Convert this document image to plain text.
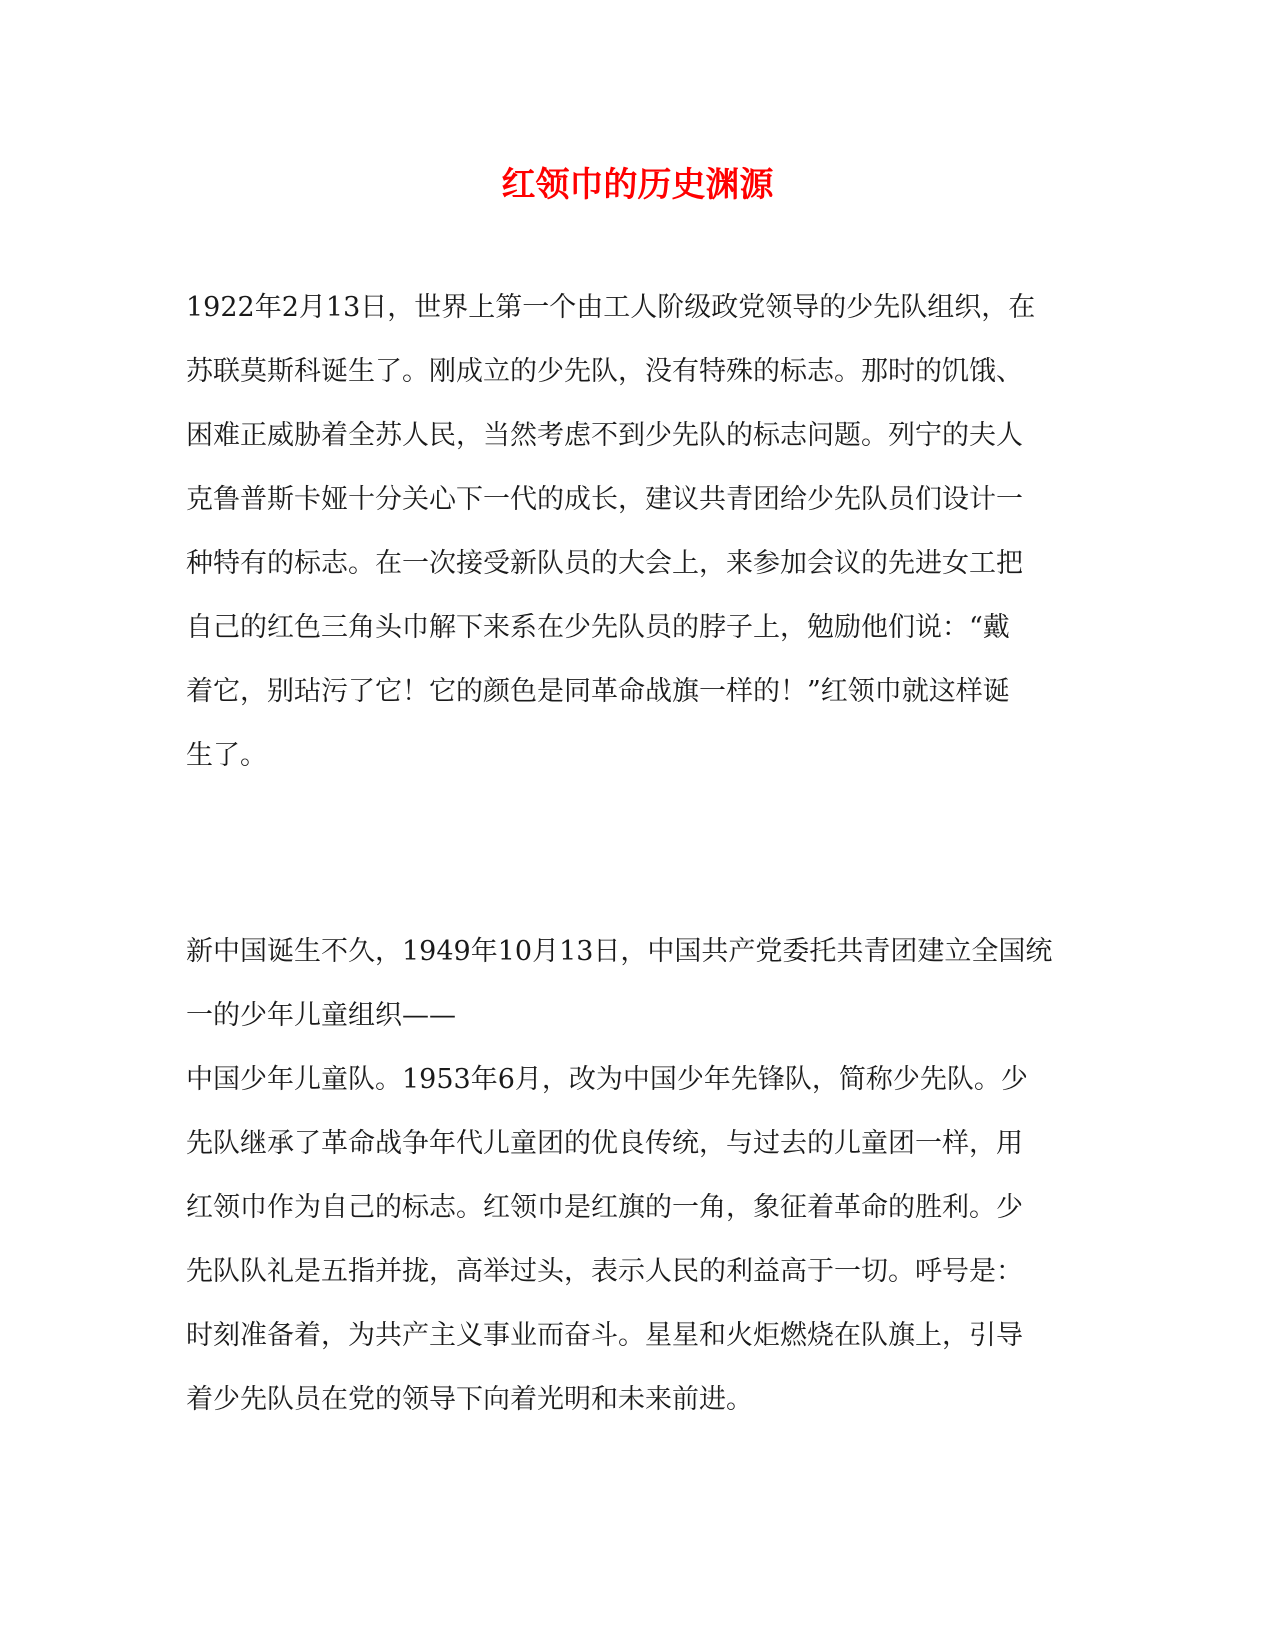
红领巾的历史渊源
1922年2月13日，世界上第一个由工人阶级政党领导的少先队组织，在
苏联莫斯科诞生了。刚成立的少先队，没有特殊的标志。那时的饥饿、
困难正威胁着全苏人民，当然考虑不到少先队的标志问题。列宁的夫人
克鲁普斯卡娅十分关心下一代的成长，建议共青团给少先队员们设计一
种特有的标志。在一次接受新队员的大会上，来参加会议的先进女工把
自己的红色三角头巾解下来系在少先队员的脖子上，勉励他们说：“戴
着它，别玷污了它！它的颜色是同革命战旗一样的！”红领巾就这样诞
生了。
新中国诞生不久，1949年10月13日，中国共产党委托共青团建立全国统
一的少年儿童组织——
中国少年儿童队。1953年6月，改为中国少年先锋队，简称少先队。少
先队继承了革命战争年代儿童团的优良传统，与过去的儿童团一样，用
红领巾作为自己的标志。红领巾是红旗的一角，象征着革命的胜利。少
先队队礼是五指并拢，高举过头，表示人民的利益高于一切。呼号是：
时刻准备着，为共产主义事业而奋斗。星星和火炬燃烧在队旗上，引导
着少先队员在党的领导下向着光明和未来前进。
